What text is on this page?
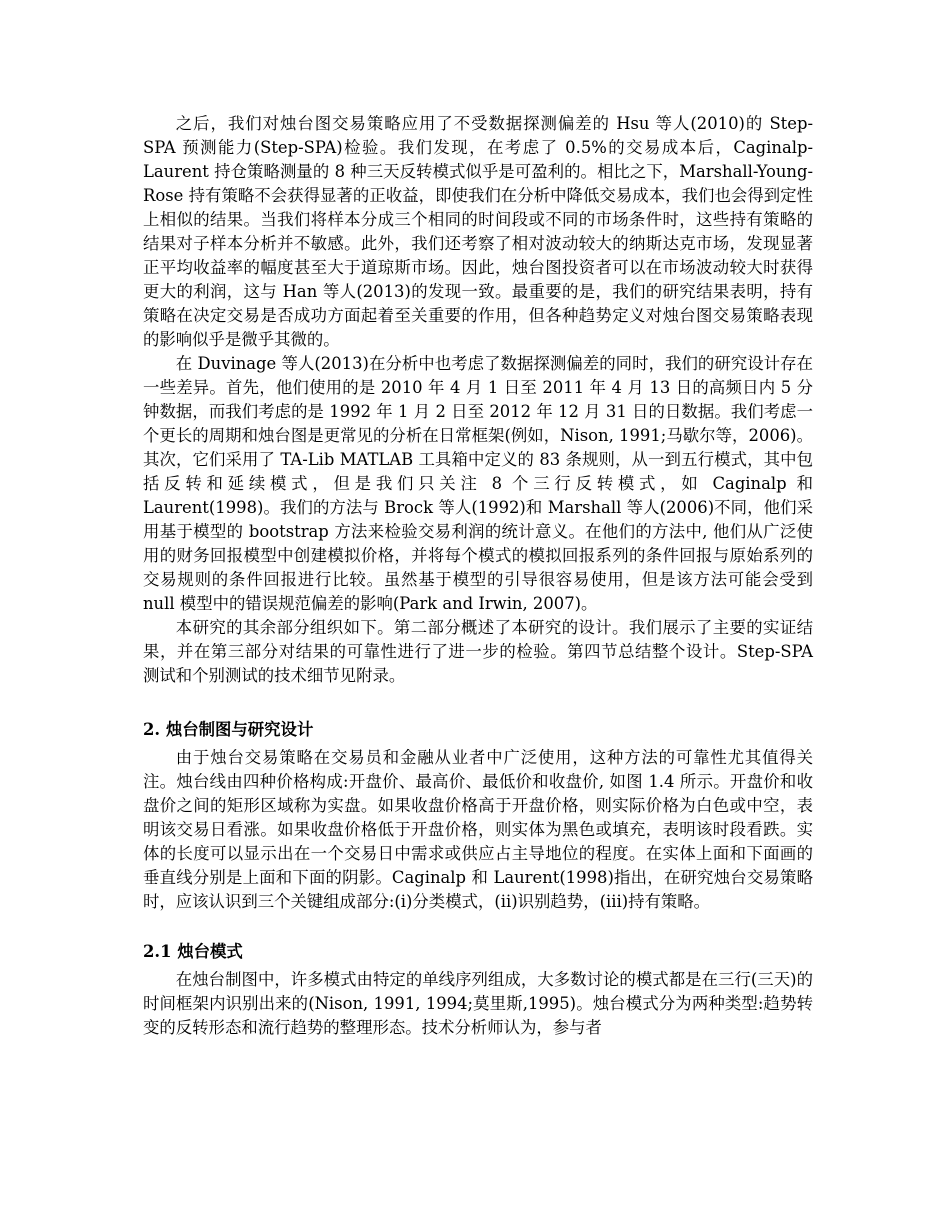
之后，我们对烛台图交易策略应用了不受数据探测偏差的 Hsu 等人(2010)的 Step-SPA 预测能力(Step-SPA)检验。我们发现，在考虑了 0.5%的交易成本后，Caginalp-Laurent 持仓策略测量的 8 种三天反转模式似乎是可盈利的。相比之下，Marshall-Young-Rose 持有策略不会获得显著的正收益，即使我们在分析中降低交易成本，我们也会得到定性上相似的结果。当我们将样本分成三个相同的时间段或不同的市场条件时，这些持有策略的结果对子样本分析并不敏感。此外，我们还考察了相对波动较大的纳斯达克市场，发现显著正平均收益率的幅度甚至大于道琼斯市场。因此，烛台图投资者可以在市场波动较大时获得更大的利润，这与 Han 等人(2013)的发现一致。最重要的是，我们的研究结果表明，持有策略在决定交易是否成功方面起着至关重要的作用，但各种趋势定义对烛台图交易策略表现的影响似乎是微乎其微的。

在 Duvinage 等人(2013)在分析中也考虑了数据探测偏差的同时，我们的研究设计存在一些差异。首先，他们使用的是 2010 年 4 月 1 日至 2011 年 4 月 13 日的高频日内 5 分钟数据，而我们考虑的是 1992 年 1 月 2 日至 2012 年 12 月 31 日的日数据。我们考虑一个更长的周期和烛台图是更常见的分析在日常框架(例如，Nison, 1991;马歇尔等，2006)。其次，它们采用了 TA-Lib MATLAB 工具箱中定义的 83 条规则，从一到五行模式，其中包括反转和延续模式，但是我们只关注 8 个三行反转模式，如 Caginalp 和 Laurent(1998)。我们的方法与 Brock 等人(1992)和 Marshall 等人(2006)不同，他们采用基于模型的 bootstrap 方法来检验交易利润的统计意义。在他们的方法中, 他们从广泛使用的财务回报模型中创建模拟价格，并将每个模式的模拟回报系列的条件回报与原始系列的交易规则的条件回报进行比较。虽然基于模型的引导很容易使用，但是该方法可能会受到 null 模型中的错误规范偏差的影响(Park and Irwin, 2007)。

本研究的其余部分组织如下。第二部分概述了本研究的设计。我们展示了主要的实证结果，并在第三部分对结果的可靠性进行了进一步的检验。第四节总结整个设计。Step-SPA 测试和个别测试的技术细节见附录。

2. 烛台制图与研究设计

由于烛台交易策略在交易员和金融从业者中广泛使用，这种方法的可靠性尤其值得关注。烛台线由四种价格构成:开盘价、最高价、最低价和收盘价, 如图 1.4 所示。开盘价和收盘价之间的矩形区域称为实盘。如果收盘价格高于开盘价格，则实际价格为白色或中空，表明该交易日看涨。如果收盘价格低于开盘价格，则实体为黑色或填充，表明该时段看跌。实体的长度可以显示出在一个交易日中需求或供应占主导地位的程度。在实体上面和下面画的垂直线分别是上面和下面的阴影。Caginalp 和 Laurent(1998)指出，在研究烛台交易策略时，应该认识到三个关键组成部分:(i)分类模式，(ii)识别趋势，(iii)持有策略。

2.1 烛台模式

在烛台制图中，许多模式由特定的单线序列组成，大多数讨论的模式都是在三行(三天)的时间框架内识别出来的(Nison, 1991, 1994;莫里斯,1995)。烛台模式分为两种类型:趋势转变的反转形态和流行趋势的整理形态。技术分析师认为，参与者
